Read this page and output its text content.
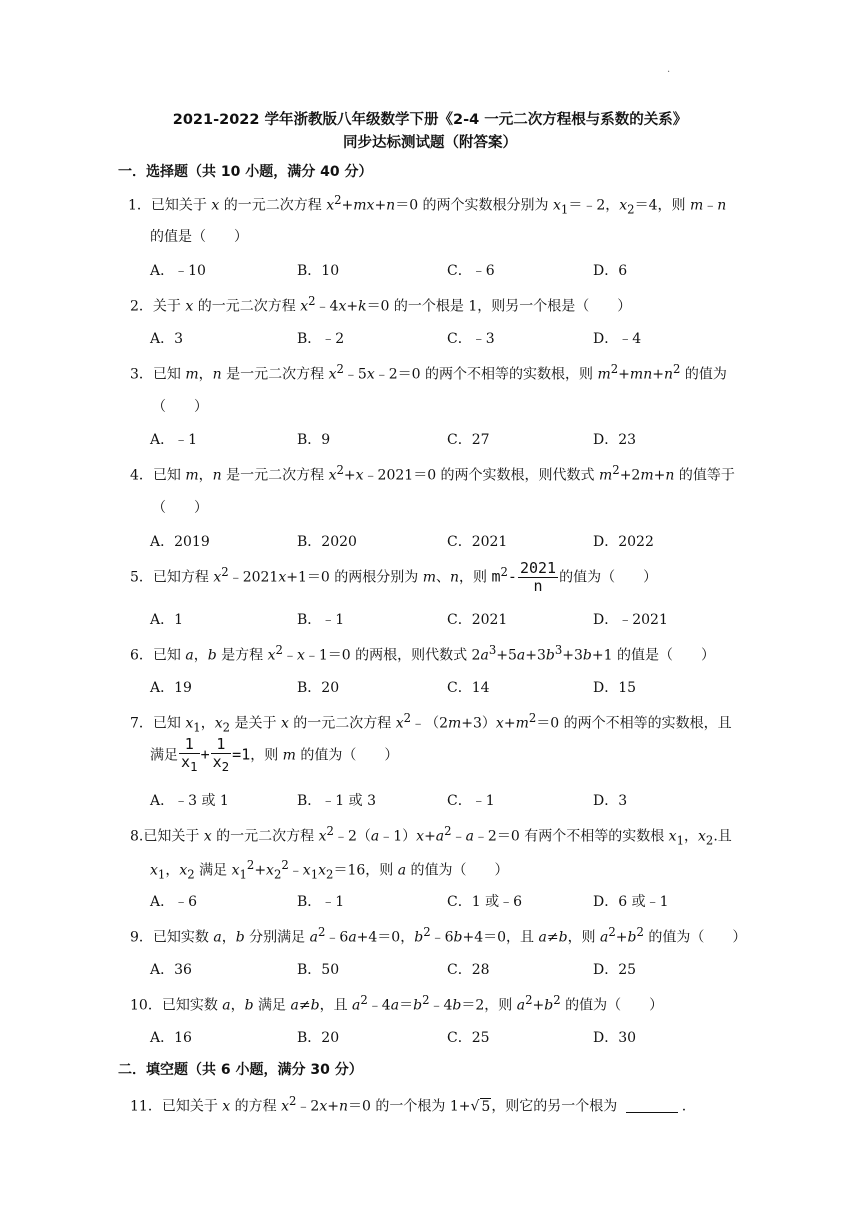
.
2021-2022 学年浙教版八年级数学下册《2-4 一元二次方程根与系数的关系》
同步达标测试题（附答案）
一．选择题（共 10 小题，满分 40 分）
1．已知关于 x 的一元二次方程 $x^2+mx+n=0$ 的两个实数根分别为 $x_1=﹣2$，$x_2=4$，则 m﹣n
的值是（　　）
A．﹣10	B．10	C．﹣6	D．6
2．关于 x 的一元二次方程 $x^2﹣4x+k=0$ 的一个根是 1，则另一个根是（　　）
A．3	B．﹣2	C．﹣3	D．﹣4
3．已知 m，n 是一元二次方程 $x^2﹣5x﹣2=0$ 的两个不相等的实数根，则 $m^2+mn+n^2$ 的值为
（　　）
A．﹣1	B．9	C．27	D．23
4．已知 m，n 是一元二次方程 $x^2+x﹣2021=0$ 的两个实数根，则代数式 $m^2+2m+n$ 的值等于
（　　）
A．2019	B．2020	C．2021	D．2022
5．已知方程 $x^2﹣2021x+1=0$ 的两根分别为 m、n，则 $m^2- \frac{2021}{n}$ 的值为（　　）
A．1	B．﹣1	C．2021	D．﹣2021
6．已知 a，b 是方程 $x^2﹣x﹣1=0$ 的两根，则代数式 $2a^3+5a+3b^3+3b+1$ 的值是（　　）
A．19	B．20	C．14	D．15
7．已知 $x_1$，$x_2$ 是关于 x 的一元二次方程 $x^2﹣(2m+3)x+m^2=0$ 的两个不相等的实数根，且
满足 $\frac{1}{x_1} + \frac{1}{x_2} =1$，则 m 的值为（　　）
A．﹣3 或 1	B．﹣1 或 3	C．﹣1	D．3
8.已知关于 x 的一元二次方程 $x^2﹣2(a﹣1)x+a^2﹣a﹣2=0$ 有两个不相等的实数根 $x_1$，$x_2$.且
$x_1$，$x_2$ 满足 $x_1^2+x_2^2﹣x_1x_2=16$，则 a 的值为（　　）
A．﹣6	B．﹣1	C．1 或﹣6	D．6 或﹣1
9．已知实数 a，b 分别满足 $a^2﹣6a+4=0$，$b^2﹣6b+4=0$，且 a≠b，则 $a^2+b^2$ 的值为（　　）
A．36	B．50	C．28	D．25
10．已知实数 a，b 满足 a≠b，且 $a^2﹣4a=b^2﹣4b=2$，则 $a^2+b^2$ 的值为（　　）
A．16	B．20	C．25	D．30
二．填空题（共 6 小题，满分 30 分）
11．已知关于 x 的方程 $x^2﹣2x+n=0$ 的一个根为 1+√ 5，则它的另一个根为	.
